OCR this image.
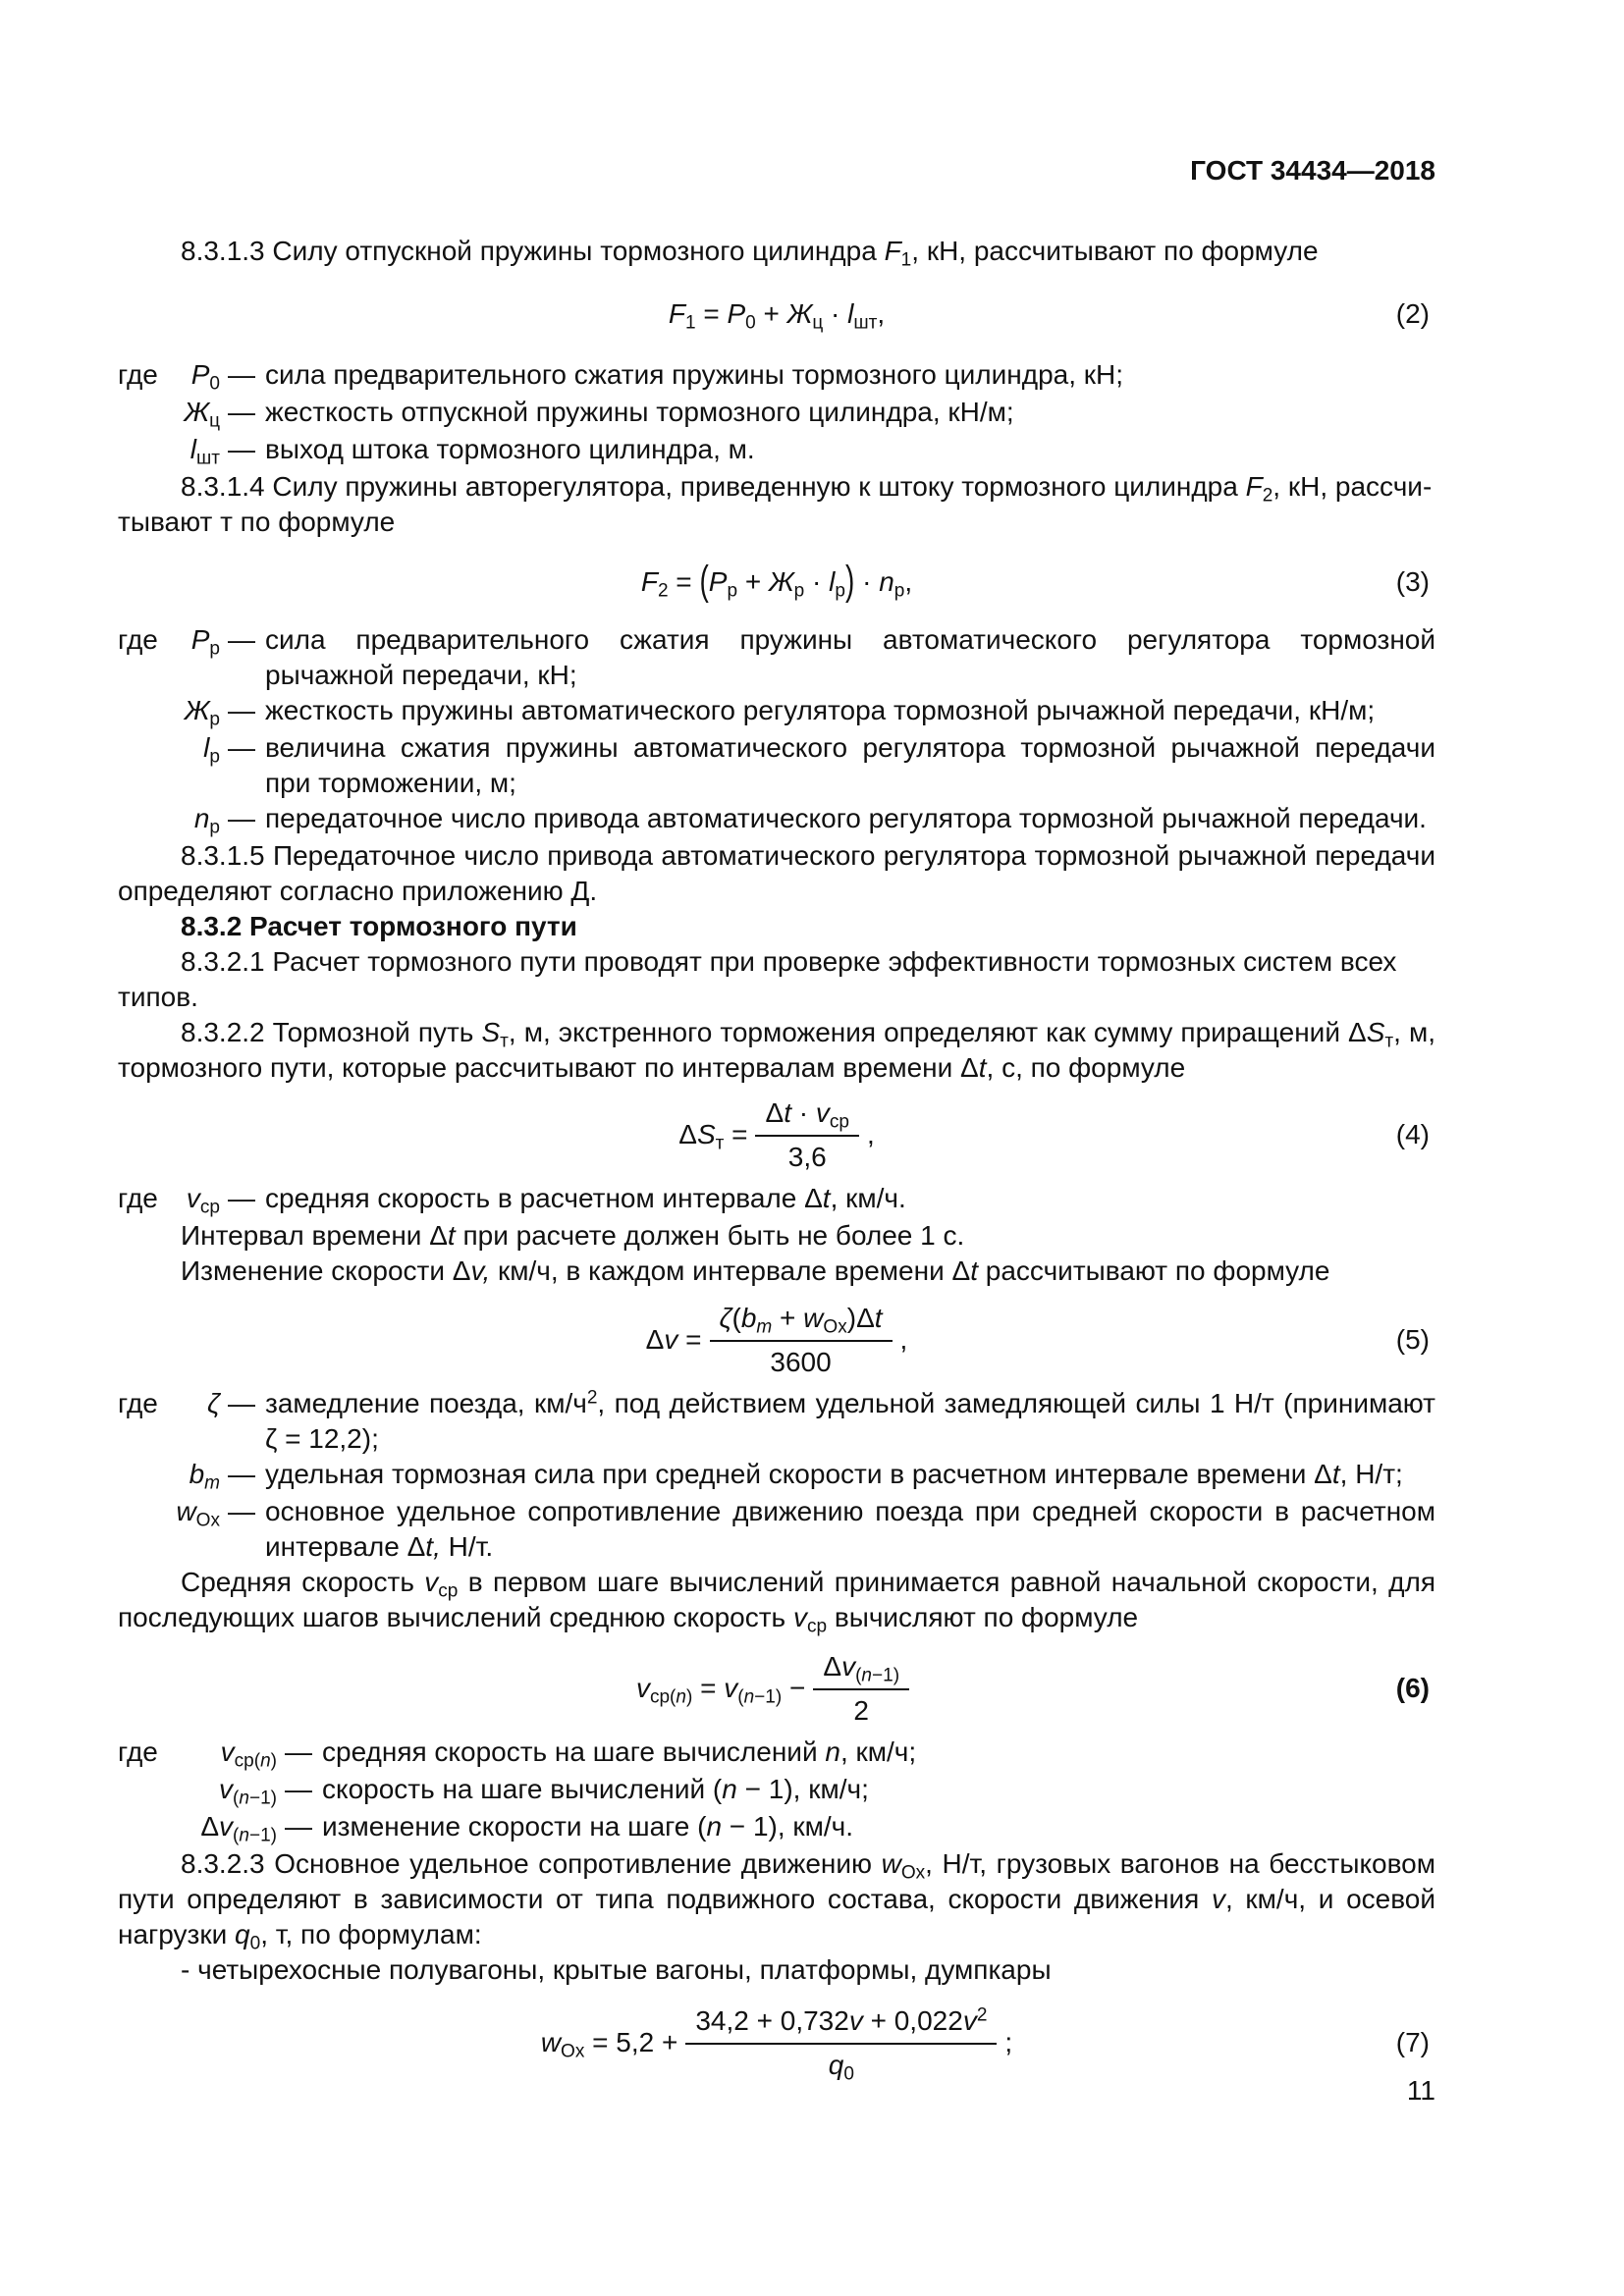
ГОСТ 34434—2018

8.3.1.3 Силу отпускной пружины тормозного цилиндра $F_1$, кН, рассчитывают по формуле

$F_1 = P_0 + Ж_ц \cdot l_{шт}$,	(2)
где	$P_0$ — сила предварительного сжатия пружины тормозного цилиндра, кН;
$Ж_ц$ — жесткость отпускной пружины тормозного цилиндра, кН/м;
$l_{шт}$ — выход штока тормозного цилиндра, м.

8.3.1.4 Силу пружины авторегулятора, приведенную к штоку тормозного цилиндра $F_2$, кН, рассчи-
тывают т по формуле

$F_2 = (P_р + Ж_р \cdot l_р) \cdot n_р$,	(3)
где	$P_р$ — сила предварительного сжатия пружины автоматического регулятора тормозной рычажной передачи, кН;
$Ж_р$ — жесткость пружины автоматического регулятора тормозной рычажной передачи, кН/м;
$l_р$ — величина сжатия пружины автоматического регулятора тормозной рычажной передачи при торможении, м;
$n_р$ — передаточное число привода автоматического регулятора тормозной рычажной передачи.

8.3.1.5 Передаточное число привода автоматического регулятора тормозной рычажной передачи определяют согласно приложению Д.

8.3.2 Расчет тормозного пути

8.3.2.1 Расчет тормозного пути проводят при проверке эффективности тормозных систем всех типов.

8.3.2.2 Тормозной путь $S_т$, м, экстренного торможения определяют как сумму приращений $\Delta S_т$, м, тормозного пути, которые рассчитывают по интервалам времени Δt, с, по формуле

$\Delta S_т = \frac{\Delta t \cdot v_{ср}}{3,6}$ ,	(4)
где	$v_{ср}$ — средняя скорость в расчетном интервале Δt, км/ч.

Интервал времени Δt при расчете должен быть не более 1 с.

Изменение скорости Δv, км/ч, в каждом интервале времени Δt рассчитывают по формуле

$\Delta v = \frac{\zeta(b_m + w_{Ox})\Delta t}{3600}$ ,	(5)
где	ζ — замедление поезда, $км/ч^2$, под действием удельной замедляющей силы 1 Н/т (принимают ζ = 12,2);
$b_m$ — удельная тормозная сила при средней скорости в расчетном интервале времени Δt, Н/т;
$w_{Ox}$ — основное удельное сопротивление движению поезда при средней скорости в расчетном интервале Δt, Н/т.

Средняя скорость $v_{ср}$ в первом шаге вычислений принимается равной начальной скорости, для последующих шагов вычислений среднюю скорость $v_{ср}$ вычисляют по формуле

$v_{ср(n)} = v_{(n-1)} - \frac{\Delta v_{(n-1)}}{2}$	(6)
где	$v_{ср(n)}$ — средняя скорость на шаге вычислений n, км/ч;
$v_{(n-1)}$ — скорость на шаге вычислений (n − 1), км/ч;
$\Delta v_{(n-1)}$ — изменение скорости на шаге (n − 1), км/ч.

8.3.2.3 Основное удельное сопротивление движению $w_{Ox}$, Н/т, грузовых вагонов на бесстыковом пути определяют в зависимости от типа подвижного состава, скорости движения v, км/ч, и осевой нагрузки $q_0$, т, по формулам:

- четырехосные полувагоны, крытые вагоны, платформы, думпкары

$w_{Ox} = 5,2 + \frac{34,2 + 0,732v + 0,022v^2}{q_0}$ ;	(7)
11
